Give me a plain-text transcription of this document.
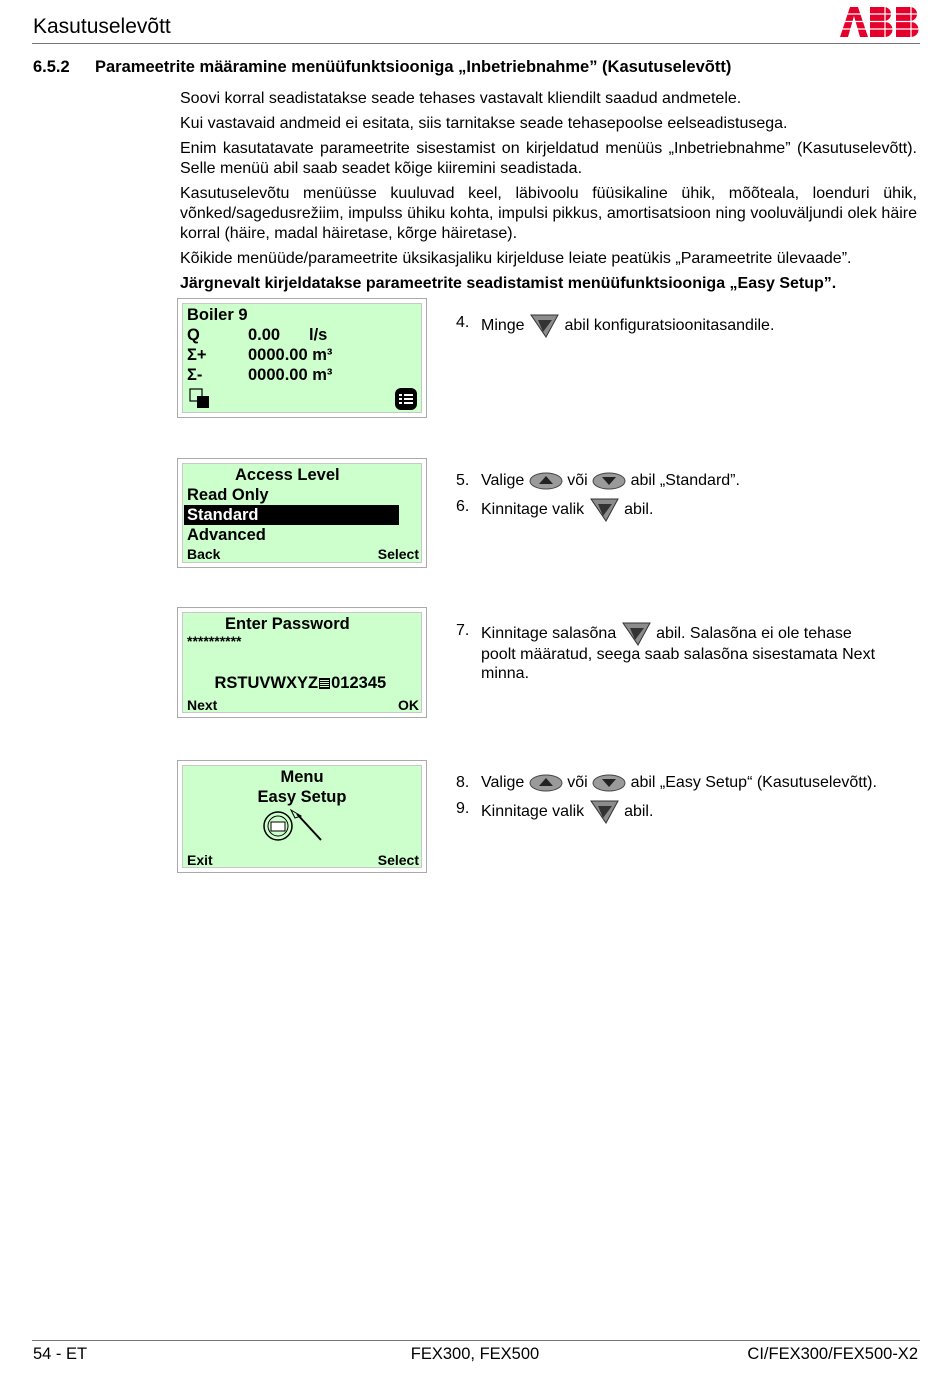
Kasutuselevõtt
6.5.2 Parameetrite määramine menüüfunktsiooniga „Inbetriebnahme” (Kasutuselevõtt)
Soovi korral seadistatakse seade tehases vastavalt kliendilt saadud andmetele.
Kui vastavaid andmeid ei esitata, siis tarnitakse seade tehasepoolse eelseadistusega.
Enim kasutatavate parameetrite sisestamist on kirjeldatud menüüs „Inbetriebnahme” (Kasutuselevõtt). Selle menüü abil saab seadet kõige kiiremini seadistada.
Kasutuselevõtu menüüsse kuuluvad keel, läbivoolu füüsikaline ühik, mõõteala, loenduri ühik, võnked/sagedusrežiim, impulss ühiku kohta, impulsi pikkus, amortisatsioon ning vooluväljundi olek häire korral (häire, madal häiretase, kõrge häiretase).
Kõikide menüüde/parameetrite üksikasjaliku kirjelduse leiate peatükis „Parameetrite ülevaade”.
Järgnevalt kirjeldatakse parameetrite seadistamist menüüfunktsiooniga „Easy Setup”.
Boiler 9
Q	0.00 l/s
Σ+	0000.00 m³
Σ-	0000.00 m³
4. Minge abil konfiguratsioonitasandile.
Access Level
Read Only
Standard
Advanced
Back	Select
5. Valige	või	abil „Standard”.
6. Kinnitage valik abil.
Enter Password
**********

RSTUVWXYZ 012345

Next	OK
7. Kinnitage salasõna abil. Salasõna ei ole tehase
poolt määratud, seega saab salasõna sisestamata Next
minna.
Menu
Easy Setup
Exit	Select
8. Valige	või	abil „Easy Setup“ (Kasutuselevõtt).
9. Kinnitage valik abil.
54 - ET	FEX300, FEX500	CI/FEX300/FEX500-X2
